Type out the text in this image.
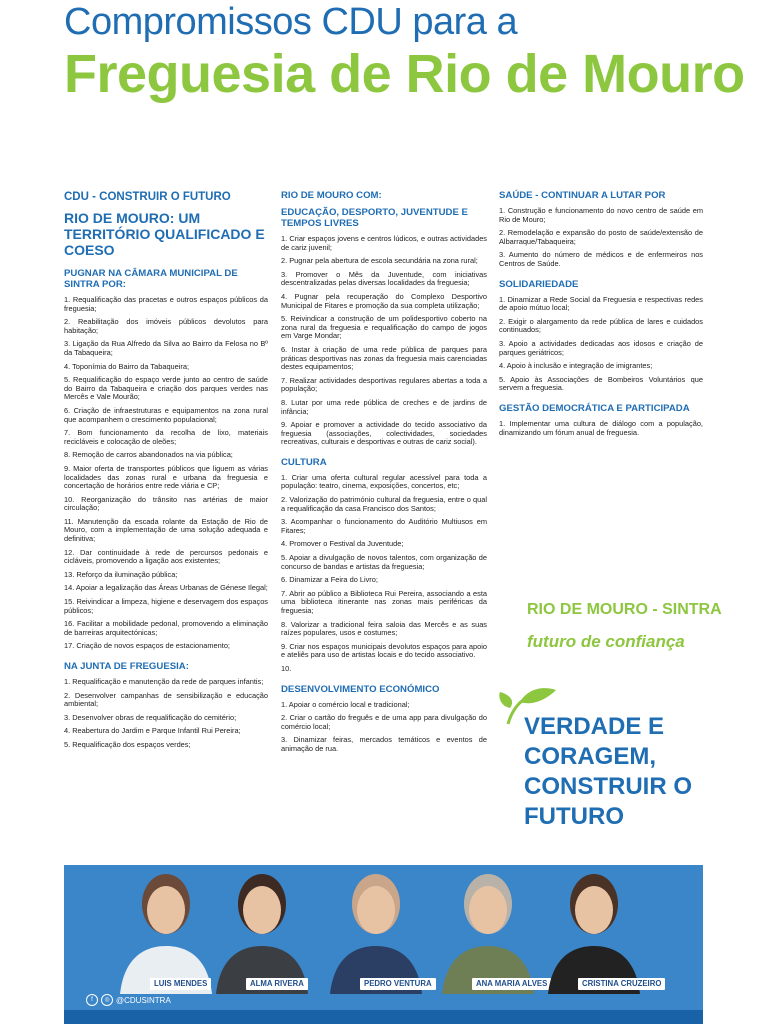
Compromissos CDU para a
Freguesia de Rio de Mouro
CDU - CONSTRUIR O FUTURO
RIO DE MOURO: UM TERRITÓRIO QUALIFICADO E COESO
PUGNAR NA CÂMARA MUNICIPAL DE SINTRA POR:
1. Requalificação das pracetas e outros espaços públicos da freguesia;
2. Reabilitação dos imóveis públicos devolutos para habitação;
3. Ligação da Rua Alfredo da Silva ao Bairro da Felosa no Bº da Tabaqueira;
4. Toponímia do Bairro da Tabaqueira;
5. Requalificação do espaço verde junto ao centro de saúde do Bairro da Tabaqueira e criação dos parques verdes nas Mercês e Vale Mourão;
6. Criação de infraestruturas e equipamentos na zona rural que acompanhem o crescimento populacional;
7. Bom funcionamento da recolha de lixo, materiais recicláveis e colocação de oleões;
8. Remoção de carros abandonados na via pública;
9. Maior oferta de transportes públicos que liguem as várias localidades das zonas rural e urbana da freguesia e concertação de horários entre rede viária e CP;
10. Reorganização do trânsito nas artérias de maior circulação;
11. Manutenção da escada rolante da Estação de Rio de Mouro, com a implementação de uma solução adequada e definitiva;
12. Dar continuidade à rede de percursos pedonais e cicláveis, promovendo a ligação aos existentes;
13. Reforço da iluminação pública;
14. Apoiar a legalização das Áreas Urbanas de Génese Ilegal;
15. Reivindicar a limpeza, higiene e deservagem dos espaços públicos;
16. Facilitar a mobilidade pedonal, promovendo a eliminação de barreiras arquitectónicas;
17. Criação de novos espaços de estacionamento;
NA JUNTA DE FREGUESIA:
1. Requalificação e manutenção da rede de parques infantis;
2. Desenvolver campanhas de sensibilização e educação ambiental;
3. Desenvolver obras de requalificação do cemitério;
4. Reabertura do Jardim e Parque Infantil Rui Pereira;
5. Requalificação dos espaços verdes;
RIO DE MOURO COM:
EDUCAÇÃO, DESPORTO, JUVENTUDE E TEMPOS LIVRES
1. Criar espaços jovens e centros lúdicos, e outras actividades de cariz juvenil;
2. Pugnar pela abertura de escola secundária na zona rural;
3. Promover o Mês da Juventude, com iniciativas descentralizadas pelas diversas localidades da freguesia;
4. Pugnar pela recuperação do Complexo Desportivo Municipal de Fitares e promoção da sua completa utilização;
5. Reivindicar a construção de um polidesportivo coberto na zona rural da freguesia e requalificação do campo de jogos em Varge Mondar;
6. Instar à criação de uma rede pública de parques para práticas desportivas nas zonas da freguesia mais carenciadas destes equipamentos;
7. Realizar actividades desportivas regulares abertas a toda a população;
8. Lutar por uma rede pública de creches e de jardins de infância;
9. Apoiar e promover a actividade do tecido associativo da freguesia (associações, colectividades, sociedades recreativas, culturais e desportivas e outras de cariz social).
CULTURA
1. Criar uma oferta cultural regular acessível para toda a população: teatro, cinema, exposições, concertos, etc;
2. Valorização do património cultural da freguesia, entre o qual a requalificação da casa Francisco dos Santos;
3. Acompanhar o funcionamento do Auditório Multiusos em Fitares;
4. Promover o Festival da Juventude;
5. Apoiar a divulgação de novos talentos, com organização de concurso de bandas e artistas da freguesia;
6. Dinamizar a Feira do Livro;
7. Abrir ao público a Biblioteca Rui Pereira, associando a esta uma biblioteca itinerante nas zonas mais periféricas da freguesia;
8. Valorizar a tradicional feira saloia das Mercês e as suas raízes populares, usos e costumes;
9. Criar nos espaços municipais devolutos espaços para apoio e ateliês para uso de artistas locais e do tecido associativo.
10.
DESENVOLVIMENTO ECONÓMICO
1. Apoiar o comércio local e tradicional;
2. Criar o cartão do freguês e de uma app para divulgação do comércio local;
3. Dinamizar feiras, mercados temáticos e eventos de animação de rua.
SAÚDE - CONTINUAR A LUTAR POR
1. Construção e funcionamento do novo centro de saúde em Rio de Mouro;
2. Remodelação e expansão do posto de saúde/extensão de Albarraque/Tabaqueira;
3. Aumento do número de médicos e de enfermeiros nos Centros de Saúde.
SOLIDARIEDADE
1. Dinamizar a Rede Social da Freguesia e respectivas redes de apoio mútuo local;
2. Exigir o alargamento da rede pública de lares e cuidados continuados;
3. Apoio a actividades dedicadas aos idosos e criação de parques geriátricos;
4. Apoio à inclusão e integração de imigrantes;
5. Apoio às Associações de Bombeiros Voluntários que servem a freguesia.
GESTÃO DEMOCRÁTICA E PARTICIPADA
1. Implementar uma cultura de diálogo com a população, dinamizando um fórum anual de freguesia.
RIO DE MOURO - SINTRA
futuro de confiança
VERDADE E CORAGEM, CONSTRUIR O FUTURO
LUIS MENDES	ALMA RIVERA	PEDRO VENTURA	ANA MARIA ALVES	CRISTINA CRUZEIRO
f	◎ @CDUSINTRA
